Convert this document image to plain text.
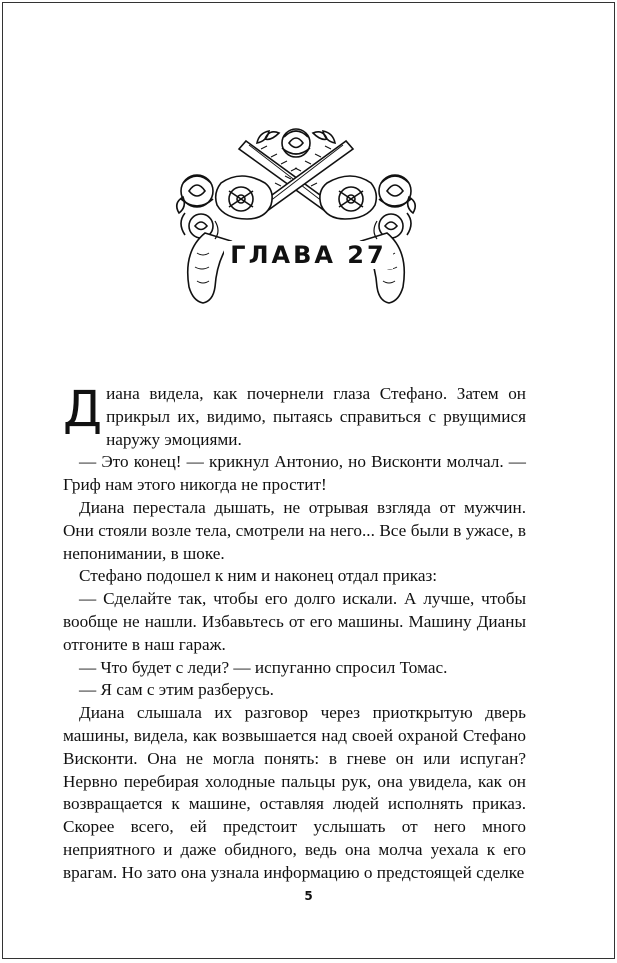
ГЛАВА 27

Диана видела, как почернели глаза Стефано. Затем он прикрыл их, видимо, пытаясь справиться с рвущимися наружу эмоциями.

— Это конец! — крикнул Антонио, но Висконти молчал. — Гриф нам этого никогда не простит!

Диана перестала дышать, не отрывая взгляда от мужчин. Они стояли возле тела, смотрели на него... Все были в ужасе, в непонимании, в шоке.

Стефано подошел к ним и наконец отдал приказ:

— Сделайте так, чтобы его долго искали. А лучше, чтобы вообще не нашли. Избавьтесь от его машины. Машину Дианы отгоните в наш гараж.

— Что будет с леди? — испуганно спросил Томас.

— Я сам с этим разберусь.

Диана слышала их разговор через приоткрытую дверь машины, видела, как возвышается над своей охраной Стефано Висконти. Она не могла понять: в гневе он или испуган? Нервно перебирая холодные пальцы рук, она увидела, как он возвращается к машине, оставляя людей исполнять приказ. Скорее всего, ей предстоит услышать от него много неприятного и даже обидного, ведь она молча уехала к его врагам. Но зато она узнала информацию о предстоящей сделке

5
